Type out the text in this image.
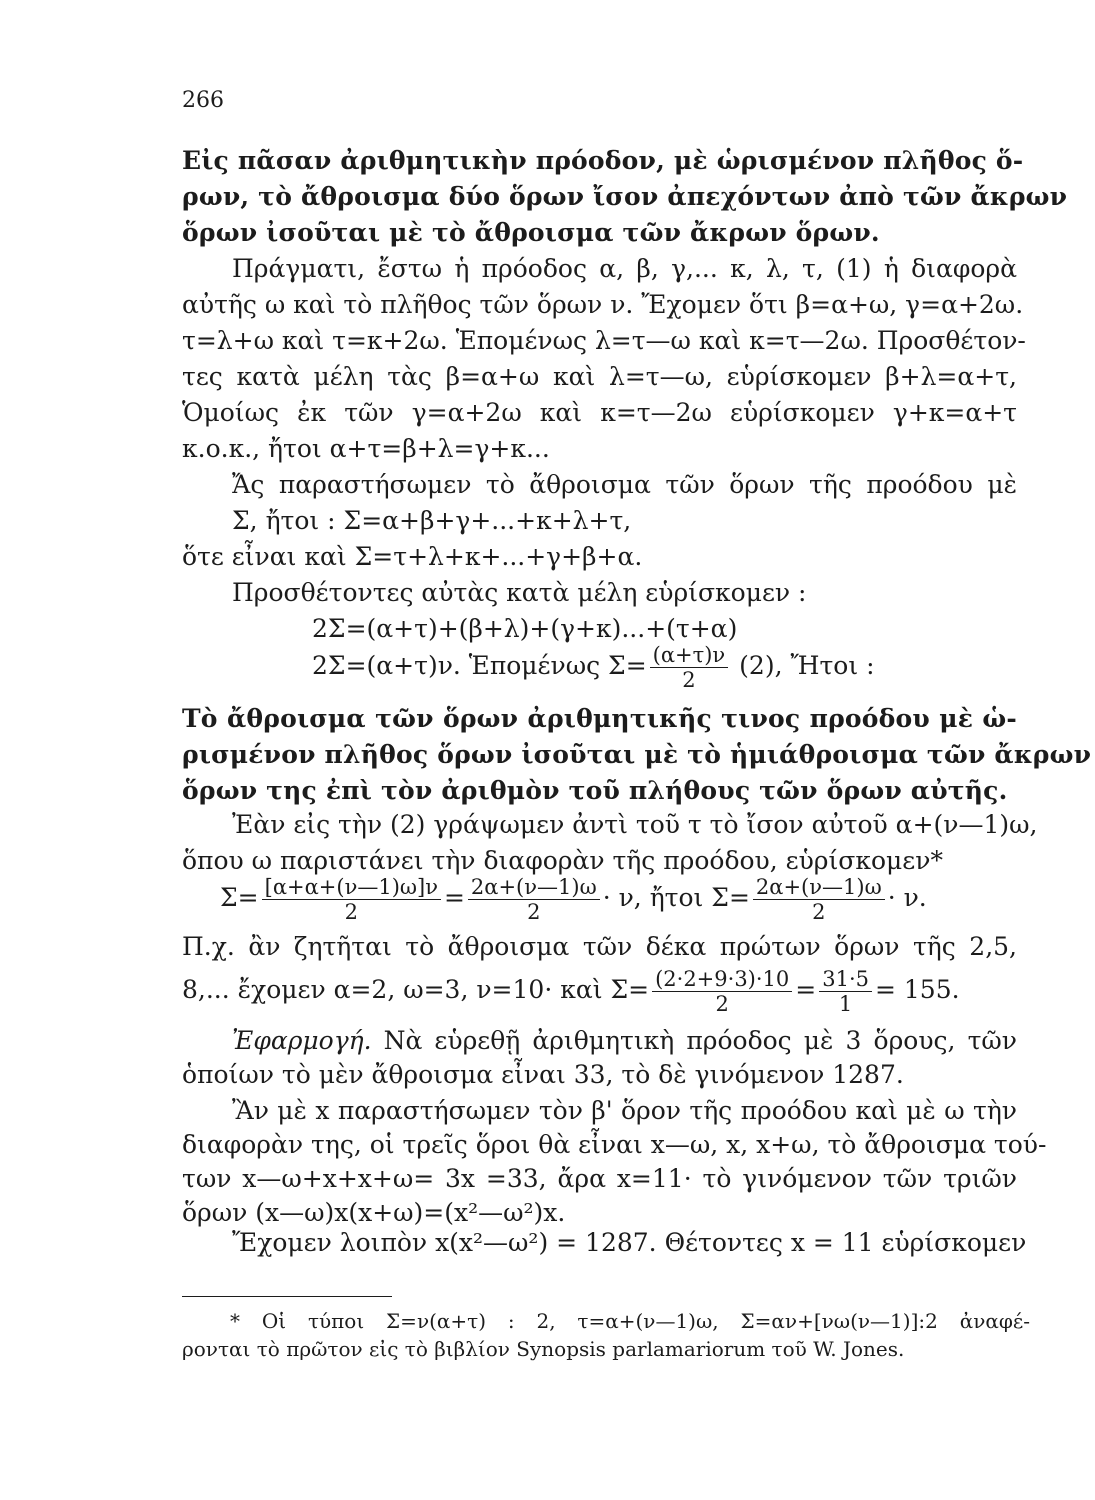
266
Εἰς πᾶσαν ἀριθμητικὴν πρόοδον, μὲ ὡρισμένον πλῆθος ὅ-
ρων, τὸ ἄθροισμα δύο ὅρων ἴσον ἀπεχόντων ἀπὸ τῶν ἄκρων
ὅρων ἰσοῦται μὲ τὸ ἄθροισμα τῶν ἄκρων ὅρων.
Πράγματι, ἔστω ἡ πρόοδος α, β, γ,... κ, λ, τ, (1) ἡ διαφορὰ
αὐτῆς ω καὶ τὸ πλῆθος τῶν ὅρων ν. Ἔχομεν ὅτι β=α+ω, γ=α+2ω.
τ=λ+ω καὶ τ=κ+2ω. Ἑπομένως λ=τ—ω καὶ κ=τ—2ω. Προσθέτον-
τες κατὰ μέλη τὰς β=α+ω καὶ λ=τ—ω, εὑρίσκομεν β+λ=α+τ,
Ὁμοίως ἐκ τῶν γ=α+2ω καὶ κ=τ—2ω εὑρίσκομεν γ+κ=α+τ
κ.ο.κ., ἤτοι α+τ=β+λ=γ+κ...
Ἄς παραστήσωμεν τὸ ἄθροισμα τῶν ὅρων τῆς προόδου μὲ
Σ, ἤτοι : Σ=α+β+γ+...+κ+λ+τ,
ὅτε εἶναι καὶ Σ=τ+λ+κ+...+γ+β+α.
Προσθέτοντες αὐτὰς κατὰ μέλη εὑρίσκομεν :
2Σ=(α+τ)+(β+λ)+(γ+κ)...+(τ+α)
2Σ=(α+τ)ν. Ἑπομένως $\Sigma= \frac{(\alpha+\tau)\nu}{2} (2)$, Ἤτοι :
Τὸ ἄθροισμα τῶν ὅρων ἀριθμητικῆς τινος προόδου μὲ ὡ-
ρισμένον πλῆθος ὅρων ἰσοῦται μὲ τὸ ἡμιάθροισμα τῶν ἄκρων
ὅρων της ἐπὶ τὸν ἀριθμὸν τοῦ πλήθους τῶν ὅρων αὐτῆς.
Ἐὰν εἰς τὴν (2) γράψωμεν ἀντὶ τοῦ τ τὸ ἴσον αὐτοῦ α+(ν—1)ω,
ὅπου ω παριστάνει τὴν διαφορὰν τῆς προόδου, εὑρίσκομεν*
$\Sigma= \frac{[\alpha+\alpha+(\nu—1)\omega]\nu}{2} = \frac{2\alpha+(\nu—1)\omega}{2} \cdot \nu$, ἤτοι $\Sigma= \frac{2\alpha+(\nu—1)\omega}{2} \cdot \nu$.
Π.χ. ἂν ζητῆται τὸ ἄθροισμα τῶν δέκα πρώτων ὅρων τῆς 2,5,
8,... ἔχομεν α=2, ω=3, ν=10· καὶ $\Sigma= \frac{(2\cdot 2+9\cdot 3)\cdot 10}{2} = \frac{31\cdot 5}{1} = 155$.
Ἐφαρμογή. Νὰ εὑρεθῇ ἀριθμητικὴ πρόοδος μὲ 3 ὅρους, τῶν
ὁποίων τὸ μὲν ἄθροισμα εἶναι 33, τὸ δὲ γινόμενον 1287.
Ἂν μὲ x παραστήσωμεν τὸν β' ὅρον τῆς προόδου καὶ μὲ ω τὴν
διαφορὰν της, οἱ τρεῖς ὅροι θὰ εἶναι x—ω, x, x+ω, τὸ ἄθροισμα τού-
των x—ω+x+x+ω= 3x =33, ἄρα x=11· τὸ γινόμενον τῶν τριῶν
ὅρων (x—ω)x(x+ω)=(x²—ω²)x.
Ἔχομεν λοιπὸν x(x²—ω²) = 1287. Θέτοντες x = 11 εὑρίσκομεν
* Οἱ τύποι Σ=ν(α+τ) : 2, τ=α+(ν—1)ω, Σ=αν+[νω(ν—1)]:2 ἀναφέ-
ρονται τὸ πρῶτον εἰς τὸ βιβλίον Synopsis parlamariorum τοῦ W. Jones.
